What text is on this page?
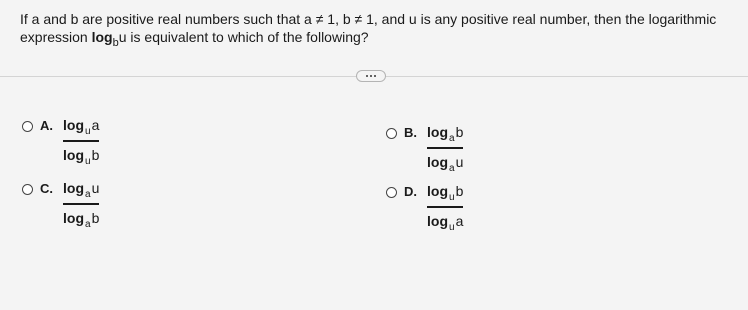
If a and b are positive real numbers such that a ≠ 1, b ≠ 1, and u is any positive real number, then the logarithmic
expression $\log_bu$ is equivalent to which of the following?
A. $\frac{\log_ua}{\log_ub}$	B. $\frac{\log_ab}{\log_au}$
C. $\frac{\log_au}{\log_ab}$	D. $\frac{\log_ub}{\log_ua}$
